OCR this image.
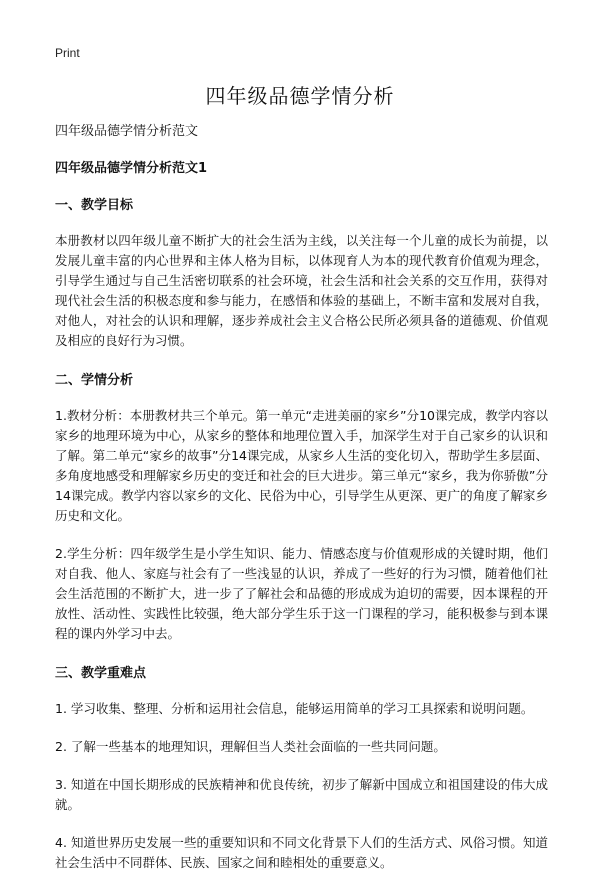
Print
四年级品德学情分析
四年级品德学情分析范文
四年级品德学情分析范文1
一、教学目标
本册教材以四年级儿童不断扩大的社会生活为主线，以关注每一个儿童的成长为前提，以发展儿童丰富的内心世界和主体人格为目标，以体现育人为本的现代教育价值观为理念，引导学生通过与自己生活密切联系的社会环境，社会生活和社会关系的交互作用，获得对现代社会生活的积极态度和参与能力，在感悟和体验的基础上，不断丰富和发展对自我，对他人，对社会的认识和理解，逐步养成社会主义合格公民所必须具备的道德观、价值观及相应的良好行为习惯。
二、学情分析
1.教材分析：本册教材共三个单元。第一单元“走进美丽的家乡”分10课完成，教学内容以家乡的地理环境为中心，从家乡的整体和地理位置入手，加深学生对于自己家乡的认识和了解。第二单元“家乡的故事”分14课完成，从家乡人生活的变化切入，帮助学生多层面、多角度地感受和理解家乡历史的变迁和社会的巨大进步。第三单元“家乡，我为你骄傲”分14课完成。教学内容以家乡的文化、民俗为中心，引导学生从更深、更广的角度了解家乡历史和文化。
2.学生分析：四年级学生是小学生知识、能力、情感态度与价值观形成的关键时期，他们对自我、他人、家庭与社会有了一些浅显的认识，养成了一些好的行为习惯，随着他们社会生活范围的不断扩大，进一步了了解社会和品德的形成成为迫切的需要，因本课程的开放性、活动性、实践性比较强，绝大部分学生乐于这一门课程的学习，能积极参与到本课程的课内外学习中去。
三、教学重难点
1. 学习收集、整理、分析和运用社会信息，能够运用简单的学习工具探索和说明问题。
2. 了解一些基本的地理知识，理解但当人类社会面临的一些共同问题。
3. 知道在中国长期形成的民族精神和优良传统，初步了解新中国成立和祖国建设的伟大成就。
4. 知道世界历史发展一些的重要知识和不同文化背景下人们的生活方式、风俗习惯。知道社会生活中不同群体、民族、国家之间和睦相处的重要意义。
